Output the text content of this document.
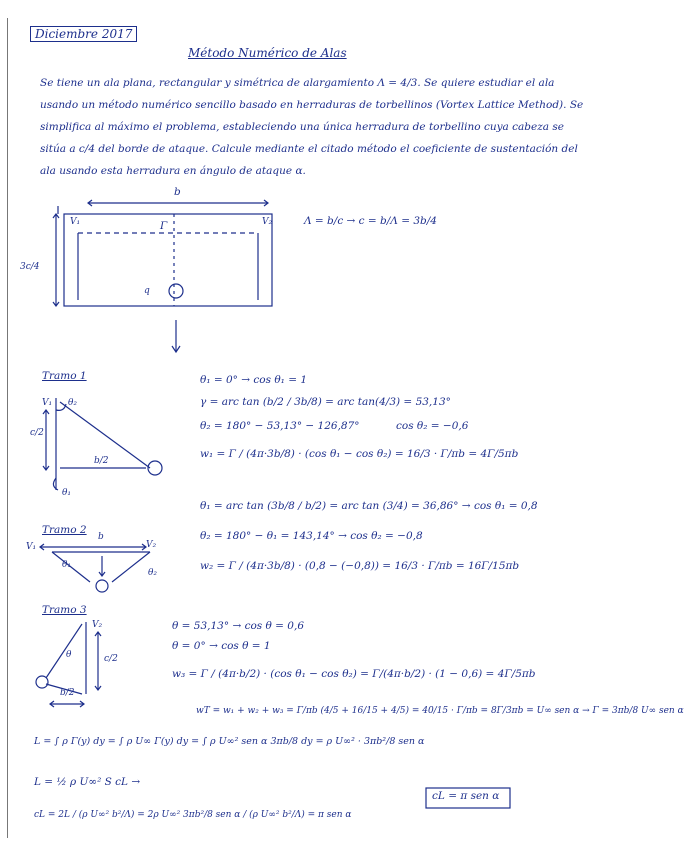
Diciembre 2017
Método Numérico de Alas
Se tiene un ala plana, rectangular y simétrica de alargamiento Λ = 4/3. Se quiere estudiar el ala usando un método numérico sencillo basado en herraduras de torbellinos (Vortex Lattice Method). Se simplifica al máximo el problema, estableciendo una única herradura de torbellino cuya cabeza se sitúa a c/4 del borde de ataque. Calcule mediante el citado método el coeficiente de sustentación del ala usando esta herradura en ángulo de ataque α.
b
V₁	V₂
Γ
q
3c/4
Λ = b/c → c = b/Λ = 3b/4
Tramo 1
V₁ θ₂
θ₁
c/2
b/2
θ₁ = 0° → cos θ₁ = 1
γ = arc tan (b/2 / 3b/8) = arc tan(4/3) = 53,13°
θ₂ = 180° − 53,13° − 126,87°	cos θ₂ = −0,6
w₁ = Γ / (4π·3b/8) · (cos θ₁ − cos θ₂) = 16/3 · Γ/πb = 4Γ/5πb
Tramo 2
b
V₁	V₂
θ₁
θ₂
θ₁ = arc tan (3b/8 / b/2) = arc tan (3/4) = 36,86° → cos θ₁ = 0,8
θ₂ = 180° − θ₁ = 143,14° → cos θ₂ = −0,8
w₂ = Γ / (4π·3b/8) · (0,8 − (−0,8)) = 16/3 · Γ/πb = 16Γ/15πb
Tramo 3
V₂
θ	c/2
b/2
θ = 53,13° → cos θ = 0,6
θ = 0° → cos θ = 1
w₃ = Γ / (4π·b/2) · (cos θ₁ − cos θ₂) = Γ/(4π·b/2) · (1 − 0,6) = 4Γ/5πb
wT = w₁ + w₂ + w₃ = Γ/πb (4/5 + 16/15 + 4/5) = 40/15 · Γ/πb = 8Γ/3πb = U∞ sen α → Γ = 3πb/8 U∞ sen α
L = ∫ ρ Γ(y) dy = ∫ ρ U∞ Γ(y) dy = ∫ ρ U∞² sen α 3πb/8 dy = ρ U∞² · 3πb²/8 sen α
L = ½ ρ U∞² S cL →
cL = 2L / (ρ U∞² b²/Λ) = 2ρ U∞² 3πb²/8 sen α / (ρ U∞² b²/Λ) = π sen α
cL = π sen α
